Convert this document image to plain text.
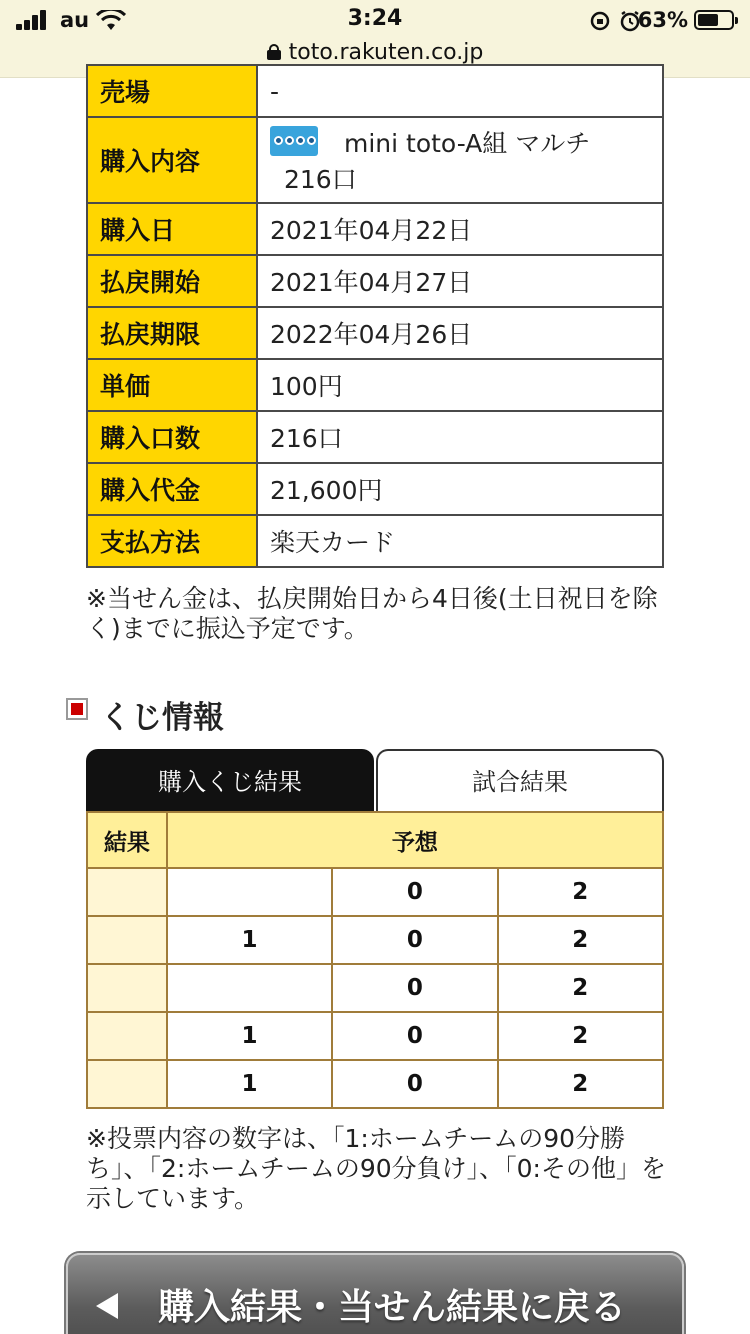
au	3:24	63%
toto.rakuten.co.jp
売場	-
購入内容	mini toto-A組 マルチ
216口

購入日	2021年04月22日
払戻開始	2021年04月27日
払戻期限	2022年04月26日
単価	100円
購入口数	216口
購入代金	21,600円
支払方法	楽天カード

※当せん金は、払戻開始日から4日後(土日祝日を除く)までに振込予定です。

くじ情報
購入くじ結果	試合結果
結果	予想		
		0	2
	1	0	2
		0	2
	1	0	2
	1	0	2

※投票内容の数字は、「1:ホームチームの90分勝ち」、「2:ホームチームの90分負け」、「0:その他」を示しています。

購入結果・当せん結果に戻る
